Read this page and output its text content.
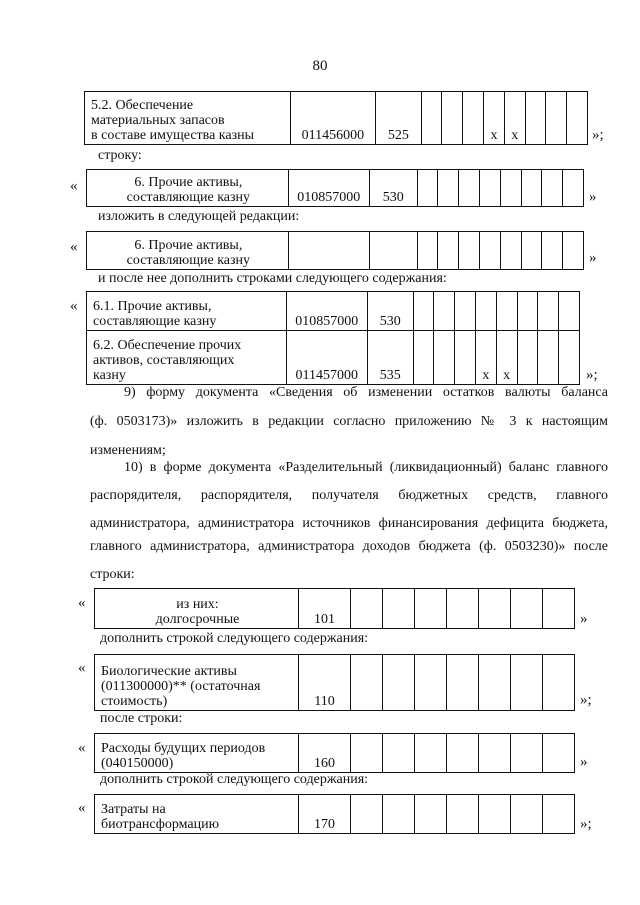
80
5.2. Обеспечение
материальных запасов
в составе имущества казны	011456000	525				x	x				»;
строку:
«	6. Прочие активы,
составляющие казну	010857000	530									»
изложить в следующей редакции:
«	6. Прочие активы,
составляющие казну
											»
и после нее дополнить строками следующего содержания:
« 6.1. Прочие активы,
составляющие казну	010857000	530								

6.2. Обеспечение прочих
активов, составляющих
казну	011457000	535				x	x				»;
9) форму документа «Сведения об изменении остатков валюты баланса
(ф. 0503173)» изложить в редакции согласно приложению № 3 к настоящим
изменениям;
10) в форме документа «Разделительный (ликвидационный) баланс главного
распорядителя, распорядителя, получателя бюджетных средств, главного
администратора, администратора источников финансирования дефицита бюджета,
главного администратора, администратора доходов бюджета (ф. 0503230)» после
строки:
«	из них:
долгосрочные	101								»
дополнить строкой следующего содержания:
« Биологические активы
(011300000)** (остаточная
стоимость)	110								»;
после строки:
« Расходы будущих периодов
(040150000)	160								»
дополнить строкой следующего содержания:
« Затраты на
биотрансформацию	170								»;
